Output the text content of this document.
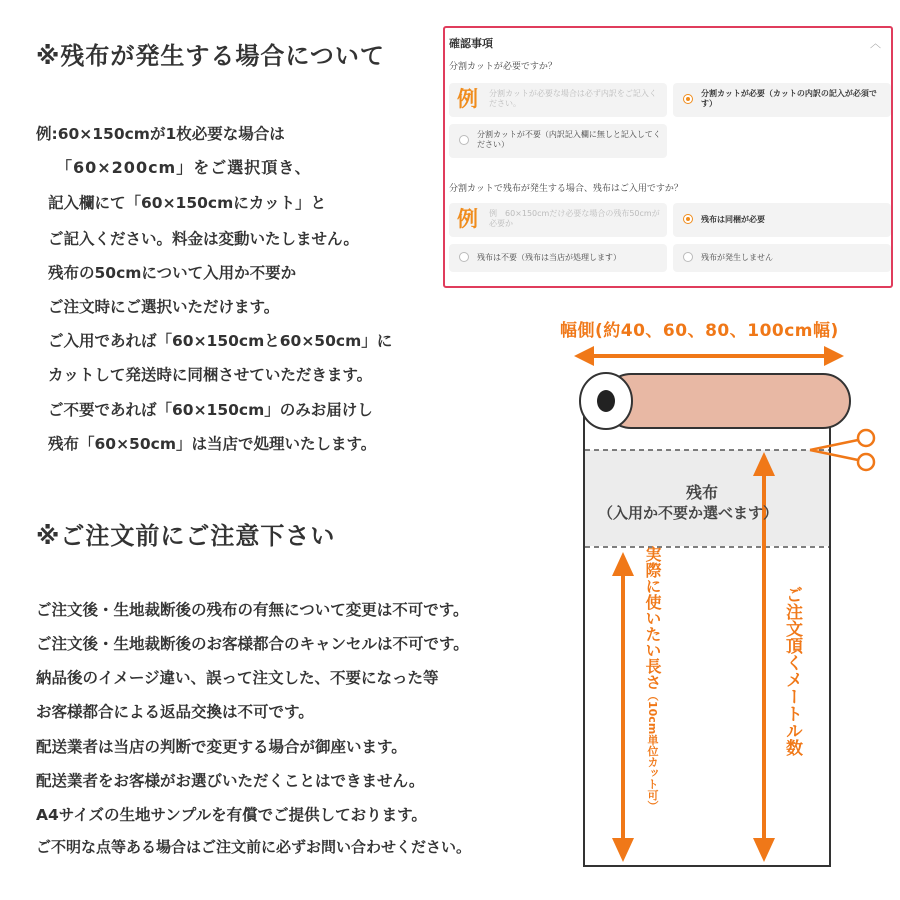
※残布が発生する場合について
例:60×150cmが1枚必要な場合は
「60×200cm」をご選択頂き、
記入欄にて「60×150cmにカット」と
ご記入ください。料金は変動いたしません。
残布の50cmについて入用か不要か
ご注文時にご選択いただけます。
ご入用であれば「60×150cmと60×50cm」に
カットして発送時に同梱させていただきます。
ご不要であれば「60×150cm」のみお届けし
残布「60×50cm」は当店で処理いたします。
※ご注文前にご注意下さい
ご注文後・生地裁断後の残布の有無について変更は不可です。
ご注文後・生地裁断後のお客様都合のキャンセルは不可です。
納品後のイメージ違い、誤って注文した、不要になった等
お客様都合による返品交換は不可です。
配送業者は当店の判断で変更する場合が御座います。
配送業者をお客様がお選びいただくことはできません。
A4サイズの生地サンプルを有償でご提供しております。
ご不明な点等ある場合はご注文前に必ずお問い合わせください。
確認事項	︿
分割カットが必要ですか？
例 分割カットが必要な場合は必ず内訳をご記入ください。
分割カットが必要（カットの内訳の記入が必須です）
分割カットが不要（内訳記入欄に無しと記入してください）
分割カットで残布が発生する場合、残布はご入用ですか？
例 例　60×150cmだけ必要な場合の残布50cmが必要か	残布は同梱が必要
残布は不要（残布は当店が処理します）	残布が発生しません
幅側(約40、60、80、100cm幅)
残布
（入用か不要か選べます）
実際に使いたい長さ（10cm単位カット可）	ご注文頂くメートル数
